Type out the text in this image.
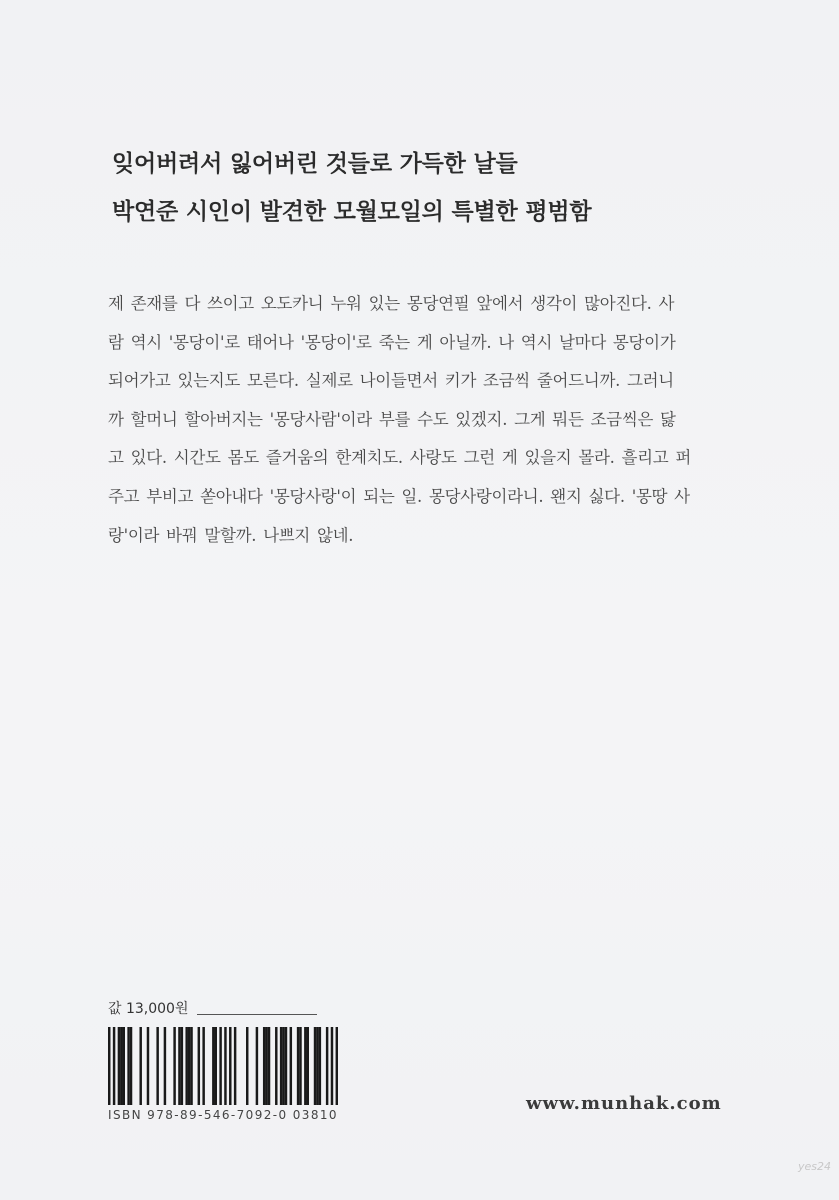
잊어버려서 잃어버린 것들로 가득한 날들
박연준 시인이 발견한 모월모일의 특별한 평범함
제 존재를 다 쓰이고 오도카니 누워 있는 몽당연필 앞에서 생각이 많아진다. 사
람 역시 '몽당이'로 태어나 '몽당이'로 죽는 게 아닐까. 나 역시 날마다 몽당이가
되어가고 있는지도 모른다. 실제로 나이들면서 키가 조금씩 줄어드니까. 그러니
까 할머니 할아버지는 '몽당사람'이라 부를 수도 있겠지. 그게 뭐든 조금씩은 닳
고 있다. 시간도 몸도 즐거움의 한계치도. 사랑도 그런 게 있을지 몰라. 흘리고 퍼
주고 부비고 쏟아내다 '몽당사랑'이 되는 일. 몽당사랑이라니. 왠지 싫다. '몽땅 사
랑'이라 바꿔 말할까. 나쁘지 않네.
값 13,000원
ISBN 978-89-546-7092-0 03810
www.munhak.com
yes24
